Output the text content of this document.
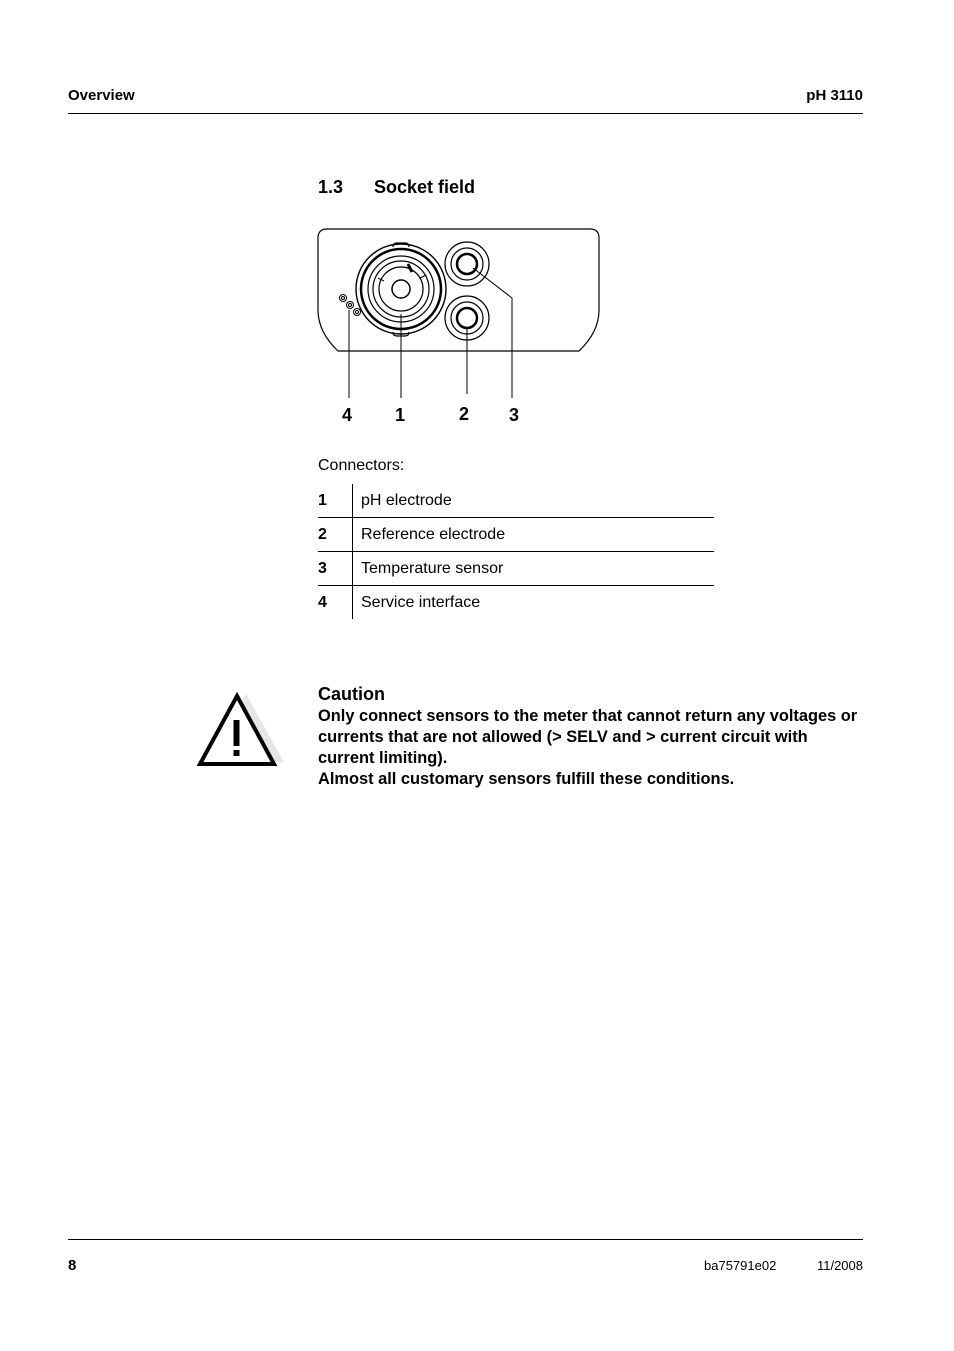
Overview	pH 3110
1.3 Socket field
4 1	2 3
Connectors:
1	pH electrode
2	Reference electrode
3	Temperature sensor
4	Service interface
Caution

Only connect sensors to the meter that cannot return any voltages or currents that are not allowed (> SELV and > current circuit with current limiting).

Almost all customary sensors fulfill these conditions.

8	ba75791e02	11/2008
